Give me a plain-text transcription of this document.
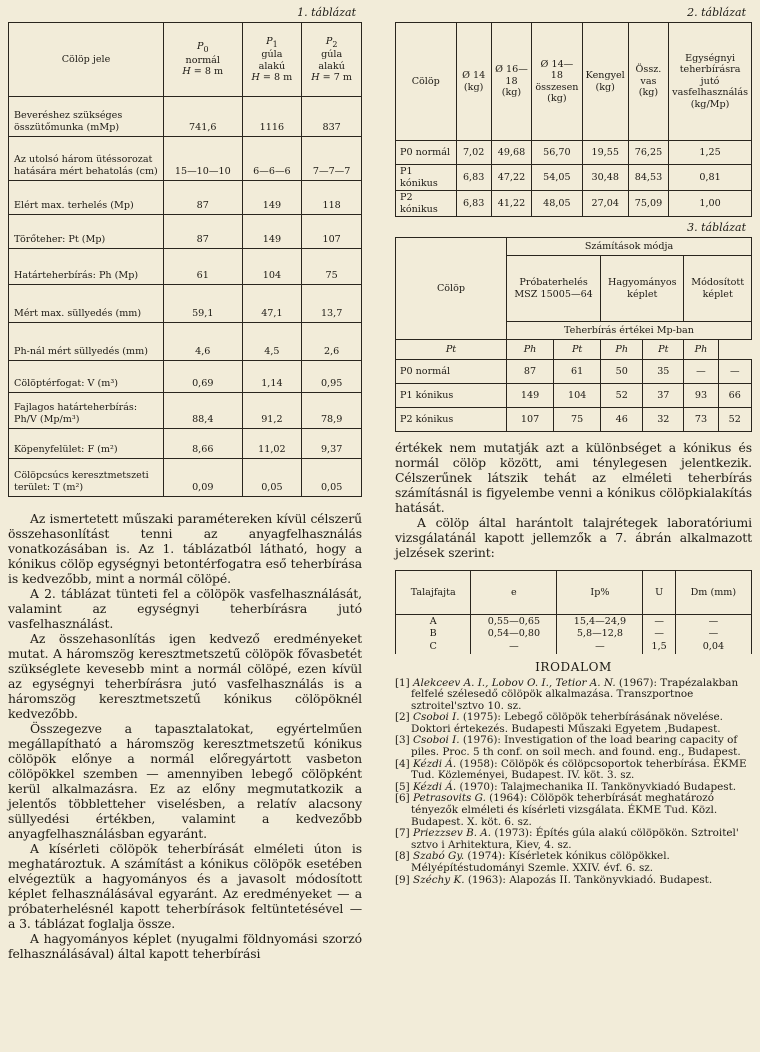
1. táblázat
Cölöp jele	$P_0$
normál
H = 8 m	$P_1$
gúla
alakú
H = 8 m	$P_2$
gúla
alakú
H = 7 m
Beveréshez szükséges összütőmunka (mMp)	741,6	1116	837
Az utolsó három ütéssorozat hatására mért behatolás (cm)	15—10—10	6—6—6	7—7—7
Elért max. terhelés (Mp)	87	149	118
Törőteher: Pt (Mp)	87	149	107
Határteherbírás: Ph (Mp)	61	104	75
Mért max. süllyedés (mm)	59,1	47,1	13,7
Ph-nál mért süllyedés (mm)	4,6	4,5	2,6
Cölöptérfogat: V (m³)	0,69	1,14	0,95
Fajlagos határteherbírás: Ph/V (Mp/m³)	88,4	91,2	78,9
Köpenyfelület: F (m²)	8,66	11,02	9,37
Cölöpcsúcs keresztmetszeti terület: T (m²)	0,09	0,05	0,05

Az ismertetett műszaki paramétereken kívül célszerű összehasonlítást tenni az anyagfelhasználás vonatkozásában is. Az 1. táblázatból látható, hogy a kónikus cölöp egységnyi betontérfogatra eső teherbírása is kedvezőbb, mint a normál cölöpé.

A 2. táblázat tünteti fel a cölöpök vasfelhasználását, valamint az egységnyi teherbírásra jutó vasfelhasználást.

Az összehasonlítás igen kedvező eredményeket mutat. A háromszög keresztmetszetű cölöpök fővasbetét szükséglete kevesebb mint a normál cölöpé, ezen kívül az egységnyi teherbírásra jutó vasfelhasználás is a háromszög keresztmetszetű kónikus cölöpöknél kedvezőbb.

Összegezve a tapasztalatokat, egyértelműen megállapítható a háromszög keresztmetszetű kónikus cölöpök előnye a normál előregyártott vasbeton cölöpökkel szemben — amennyiben lebegő cölöpként kerül alkalmazásra. Ez az előny megmutatkozik a jelentős többletteher viselésben, a relatív alacsony süllyedési értékben, valamint a kedvezőbb anyagfelhasználásban egyaránt.

A kísérleti cölöpök teherbírását elméleti úton is meghatároztuk. A számítást a kónikus cölöpök esetében elvégeztük a hagyományos és a javasolt módosított képlet felhasználásával egyaránt. Az eredményeket — a próbaterhelésnél kapott teherbírások feltüntetésével — a 3. táblázat foglalja össze.

A hagyományos képlet (nyugalmi földnyomási szorzó felhasználásával) által kapott teherbírási

2. táblázat
Cölöp	Ø 14 (kg)	Ø 16—18 (kg)	Ø 14—18 összesen (kg)	Kengyel (kg)	Össz. vas (kg)	Egységnyi teherbírásra jutó vasfelhasználás (kg/Mp)
P0 normál	7,02	49,68	56,70	19,55	76,25	1,25
P1 kónikus	6,83	47,22	54,05	30,48	84,53	0,81
P2 kónikus	6,83	41,22	48,05	27,04	75,09	1,00
3. táblázat
Cölöp	Számítások módja					
	Próbaterhelés MSZ 15005—64		Hagyományos képlet		Módosított képlet	
	Teherbírás értékei Mp-ban					
Pt	Ph	Pt	Ph	Pt	Ph	
P0 normál	87	61	50	35	—	—
P1 kónikus	149	104	52	37	93	66
P2 kónikus	107	75	46	32	73	52

értékek nem mutatják azt a különbséget a kónikus és normál cölöp között, ami ténylegesen jelentkezik. Célszerűnek látszik tehát az elméleti teherbírás számításnál is figyelembe venni a kónikus cölöpkialakítás hatását.

A cölöp által harántolt talajrétegek laboratóriumi vizsgálatánál kapott jellemzők a 7. ábrán alkalmazott jelzések szerint:

Talajfajta	e	Ip%	U	Dm (mm)
A	0,55—0,65	15,4—24,9	—	—
B	0,54—0,80	5,8—12,8	—	—
C	—	—	1,5	0,04
IRODALOM

[1] Alekceev A. I., Lobov O. I., Tetior A. N. (1967): Trapézalakban felfelé szélesedő cölöpök alkalmazása. Transzportnoe sztroitel'sztvo 10. sz.

[2] Csoboi I. (1975): Lebegő cölöpök teherbírásának növelése. Doktori értekezés. Budapesti Műszaki Egyetem ,Budapest.

[3] Csoboi I. (1976): Investigation of the load bearing capacity of piles. Proc. 5 th conf. on soil mech. and found. eng., Budapest.

[4] Kézdi Á. (1958): Cölöpök és cölöpcsoportok teherbírása. ÉKME Tud. Közleményei, Budapest. IV. köt. 3. sz.

[5] Kézdi Á. (1970): Talajmechanika II. Tankönyvkiadó Budapest.

[6] Petrasovits G. (1964): Cölöpök teherbírását meghatározó tényezők elméleti és kísérleti vizsgálata. ÉKME Tud. Közl. Budapest. X. köt. 6. sz.

[7] Priezzsev B. A. (1973): Építés gúla alakú cölöpökön. Sztroitel' sztvo i Arhitektura, Kiev, 4. sz.

[8] Szabó Gy. (1974): Kísérletek kónikus cölöpökkel. Mélyépítéstudományi Szemle. XXIV. évf. 6. sz.

[9] Széchy K. (1963): Alapozás II. Tankönyvkiadó. Budapest.
